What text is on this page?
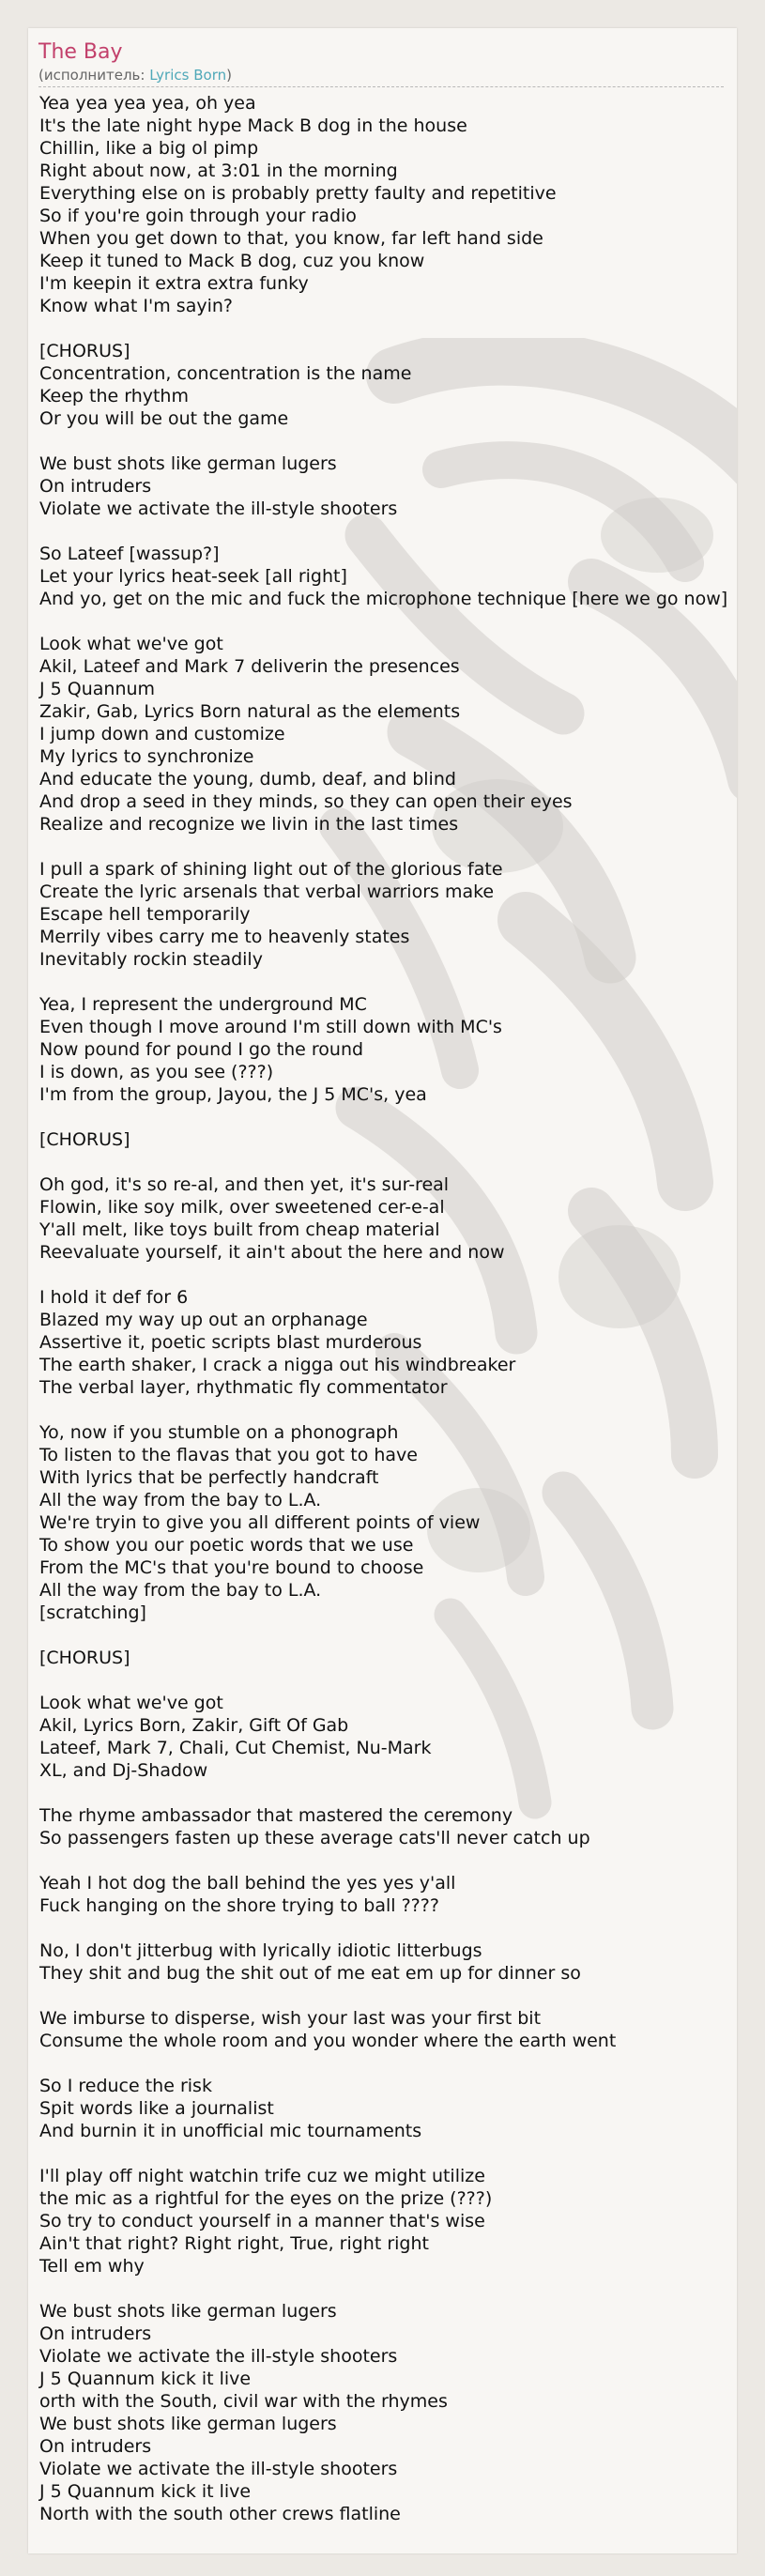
The Bay
(исполнитель: Lyrics Born)
Yea yea yea yea, oh yea
It's the late night hype Mack B dog in the house
Chillin, like a big ol pimp
Right about now, at 3:01 in the morning
Everything else on is probably pretty faulty and repetitive
So if you're goin through your radio
When you get down to that, you know, far left hand side
Keep it tuned to Mack B dog, cuz you know
I'm keepin it extra extra funky
Know what I'm sayin?
[CHORUS]
Concentration, concentration is the name
Keep the rhythm
Or you will be out the game
We bust shots like german lugers
On intruders
Violate we activate the ill-style shooters
So Lateef [wassup?]
Let your lyrics heat-seek [all right]
And yo, get on the mic and fuck the microphone technique [here we go now]
Look what we've got
Akil, Lateef and Mark 7 deliverin the presences
J 5 Quannum
Zakir, Gab, Lyrics Born natural as the elements
I jump down and customize
My lyrics to synchronize
And educate the young, dumb, deaf, and blind
And drop a seed in they minds, so they can open their eyes
Realize and recognize we livin in the last times
I pull a spark of shining light out of the glorious fate
Create the lyric arsenals that verbal warriors make
Escape hell temporarily
Merrily vibes carry me to heavenly states
Inevitably rockin steadily
Yea, I represent the underground MC
Even though I move around I'm still down with MC's
Now pound for pound I go the round
I is down, as you see (???)
I'm from the group, Jayou, the J 5 MC's, yea
[CHORUS]
Oh god, it's so re-al, and then yet, it's sur-real
Flowin, like soy milk, over sweetened cer-e-al
Y'all melt, like toys built from cheap material
Reevaluate yourself, it ain't about the here and now
I hold it def for 6
Blazed my way up out an orphanage
Assertive it, poetic scripts blast murderous
The earth shaker, I crack a nigga out his windbreaker
The verbal layer, rhythmatic fly commentator
Yo, now if you stumble on a phonograph
To listen to the flavas that you got to have
With lyrics that be perfectly handcraft
All the way from the bay to L.A.
We're tryin to give you all different points of view
To show you our poetic words that we use
From the MC's that you're bound to choose
All the way from the bay to L.A.
[scratching]
[CHORUS]
Look what we've got
Akil, Lyrics Born, Zakir, Gift Of Gab
Lateef, Mark 7, Chali, Cut Chemist, Nu-Mark
XL, and Dj-Shadow
The rhyme ambassador that mastered the ceremony
So passengers fasten up these average cats'll never catch up
Yeah I hot dog the ball behind the yes yes y'all
Fuck hanging on the shore trying to ball ????
No, I don't jitterbug with lyrically idiotic litterbugs
They shit and bug the shit out of me eat em up for dinner so
We imburse to disperse, wish your last was your first bit
Consume the whole room and you wonder where the earth went
So I reduce the risk
Spit words like a journalist
And burnin it in unofficial mic tournaments
I'll play off night watchin trife cuz we might utilize
the mic as a rightful for the eyes on the prize (???)
So try to conduct yourself in a manner that's wise
Ain't that right? Right right, True, right right
Tell em why
We bust shots like german lugers
On intruders
Violate we activate the ill-style shooters
J 5 Quannum kick it live
orth with the South, civil war with the rhymes
We bust shots like german lugers
On intruders
Violate we activate the ill-style shooters
J 5 Quannum kick it live
North with the south other crews flatline
